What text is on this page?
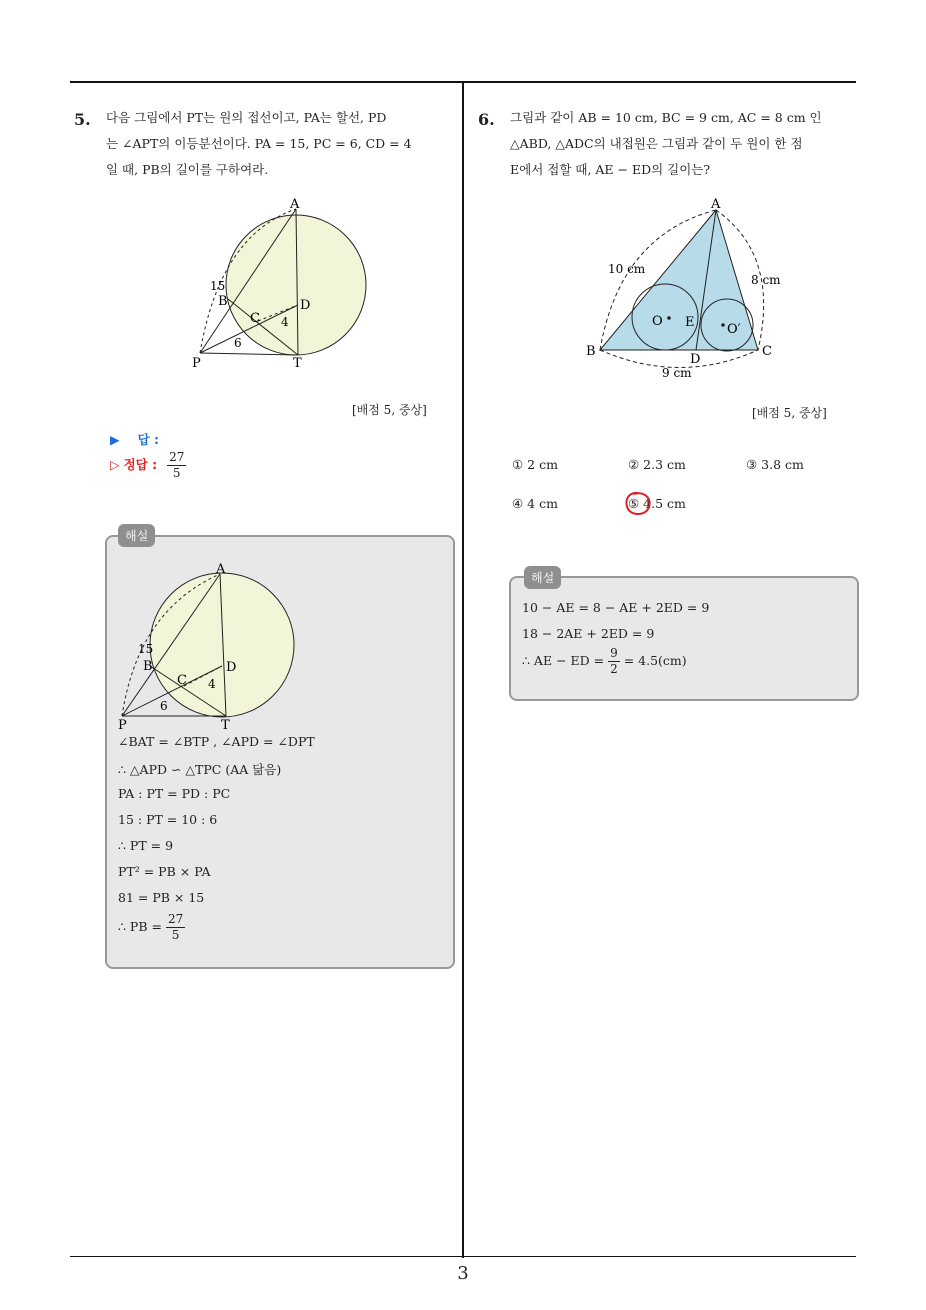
5. 다음 그림에서 PT는 원의 접선이고, PA는 할선, PD
는 ∠APT의 이등분선이다. PA = 15, PC = 6, CD = 4
일 때, PB의 길이를 구하여라.
A
B
C
D
P	T
15
6
4
[배점 5, 중상]
▶ 답 :
▷ 정답 : $\frac{27}{5}$
해설
A
B
C
D
P	T
15
6
4
∠BAT = ∠BTP , ∠APD = ∠DPT
∴ △APD ∽ △TPC (AA 닮음)
PA : PT = PD : PC
15 : PT = 10 : 6
∴ PT = 9
PT² = PB × PA
81 = PB × 15
∴ PB = $\frac{27}{5}$
6. 그림과 같이 AB = 10 cm, BC = 9 cm, AC = 8 cm 인
△ABD, △ADC의 내접원은 그림과 같이 두 원이 한 점
E에서 접할 때, AE − ED의 길이는?
A
B	C
D
E
O
O′
10 cm
8 cm
9 cm
[배점 5, 중상]
① 2 cm	② 2.3 cm	③ 3.8 cm
④ 4 cm	⑤ 4.5 cm
해설
10 − AE = 8 − AE + 2ED = 9
18 − 2AE + 2ED = 9
∴ AE − ED = $\frac{9}{2} = 4.5(cm)$
3
